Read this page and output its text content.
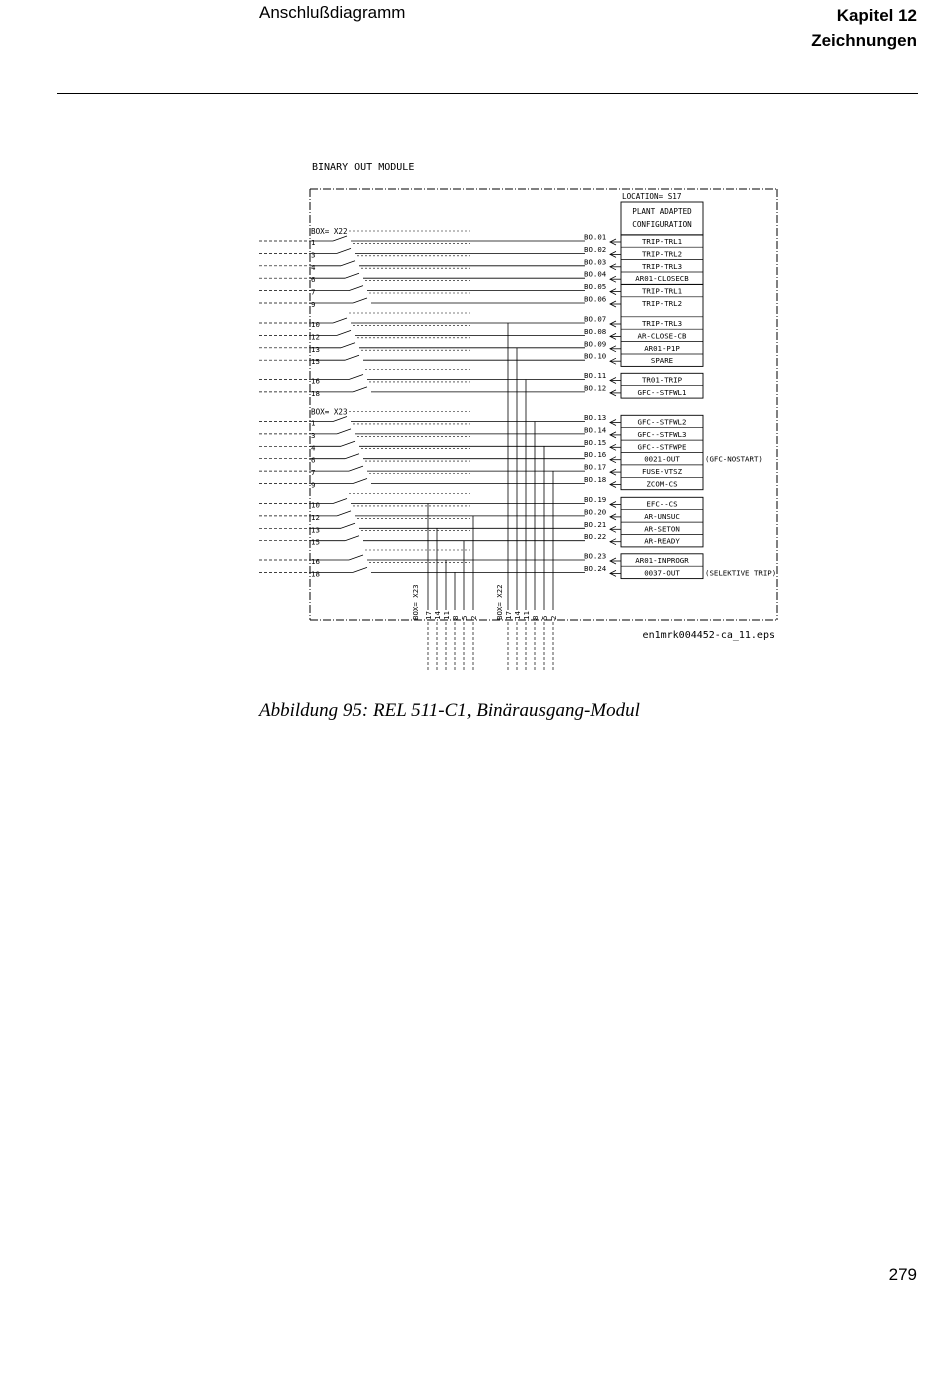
Anschlußdiagramm	Kapitel 12
Zeichnungen
BINARY OUT MODULE
LOCATION= S17
PLANT ADAPTED
CONFIGURATION
BO.01	TRIP-TRL1
BO.02	TRIP-TRL2
BO.03	TRIP-TRL3
BO.04	AR01-CLOSECB
BO.05	TRIP-TRL1
BO.06	TRIP-TRL2
BO.07	TRIP-TRL3
BO.08	AR-CLOSE-CB
BO.09	AR01-P1P
BO.10	SPARE
BO.11	TR01-TRIP
BO.12	GFC--STFWL1
BO.13	GFC--STFWL2
BO.14	GFC--STFWL3
BO.15	GFC--STFWPE
BO.16	0021-OUT	(GFC-NOSTART)
BO.17	FUSE-VTSZ
BO.18	ZCOM-CS
BO.19	EFC--CS
BO.20	AR-UNSUC
BO.21	AR-SETON
BO.22	AR-READY
BO.23	AR01-INPROGR
BO.24	0037-OUT	(SELEKTIVE TRIP)
BOX= X22
BOX= X23
1
3
4
6
7
9
10
12
13
15
16
18
1
3
4
6
7
9
10
12
13
15
16
18
BOX= X23	BOX= X22
17 14 11 8 5 2	17 14 11 8 5 2
en1mrk004452-ca_11.eps
Abbildung 95: REL 511-C1, Binärausgang-Modul
279
